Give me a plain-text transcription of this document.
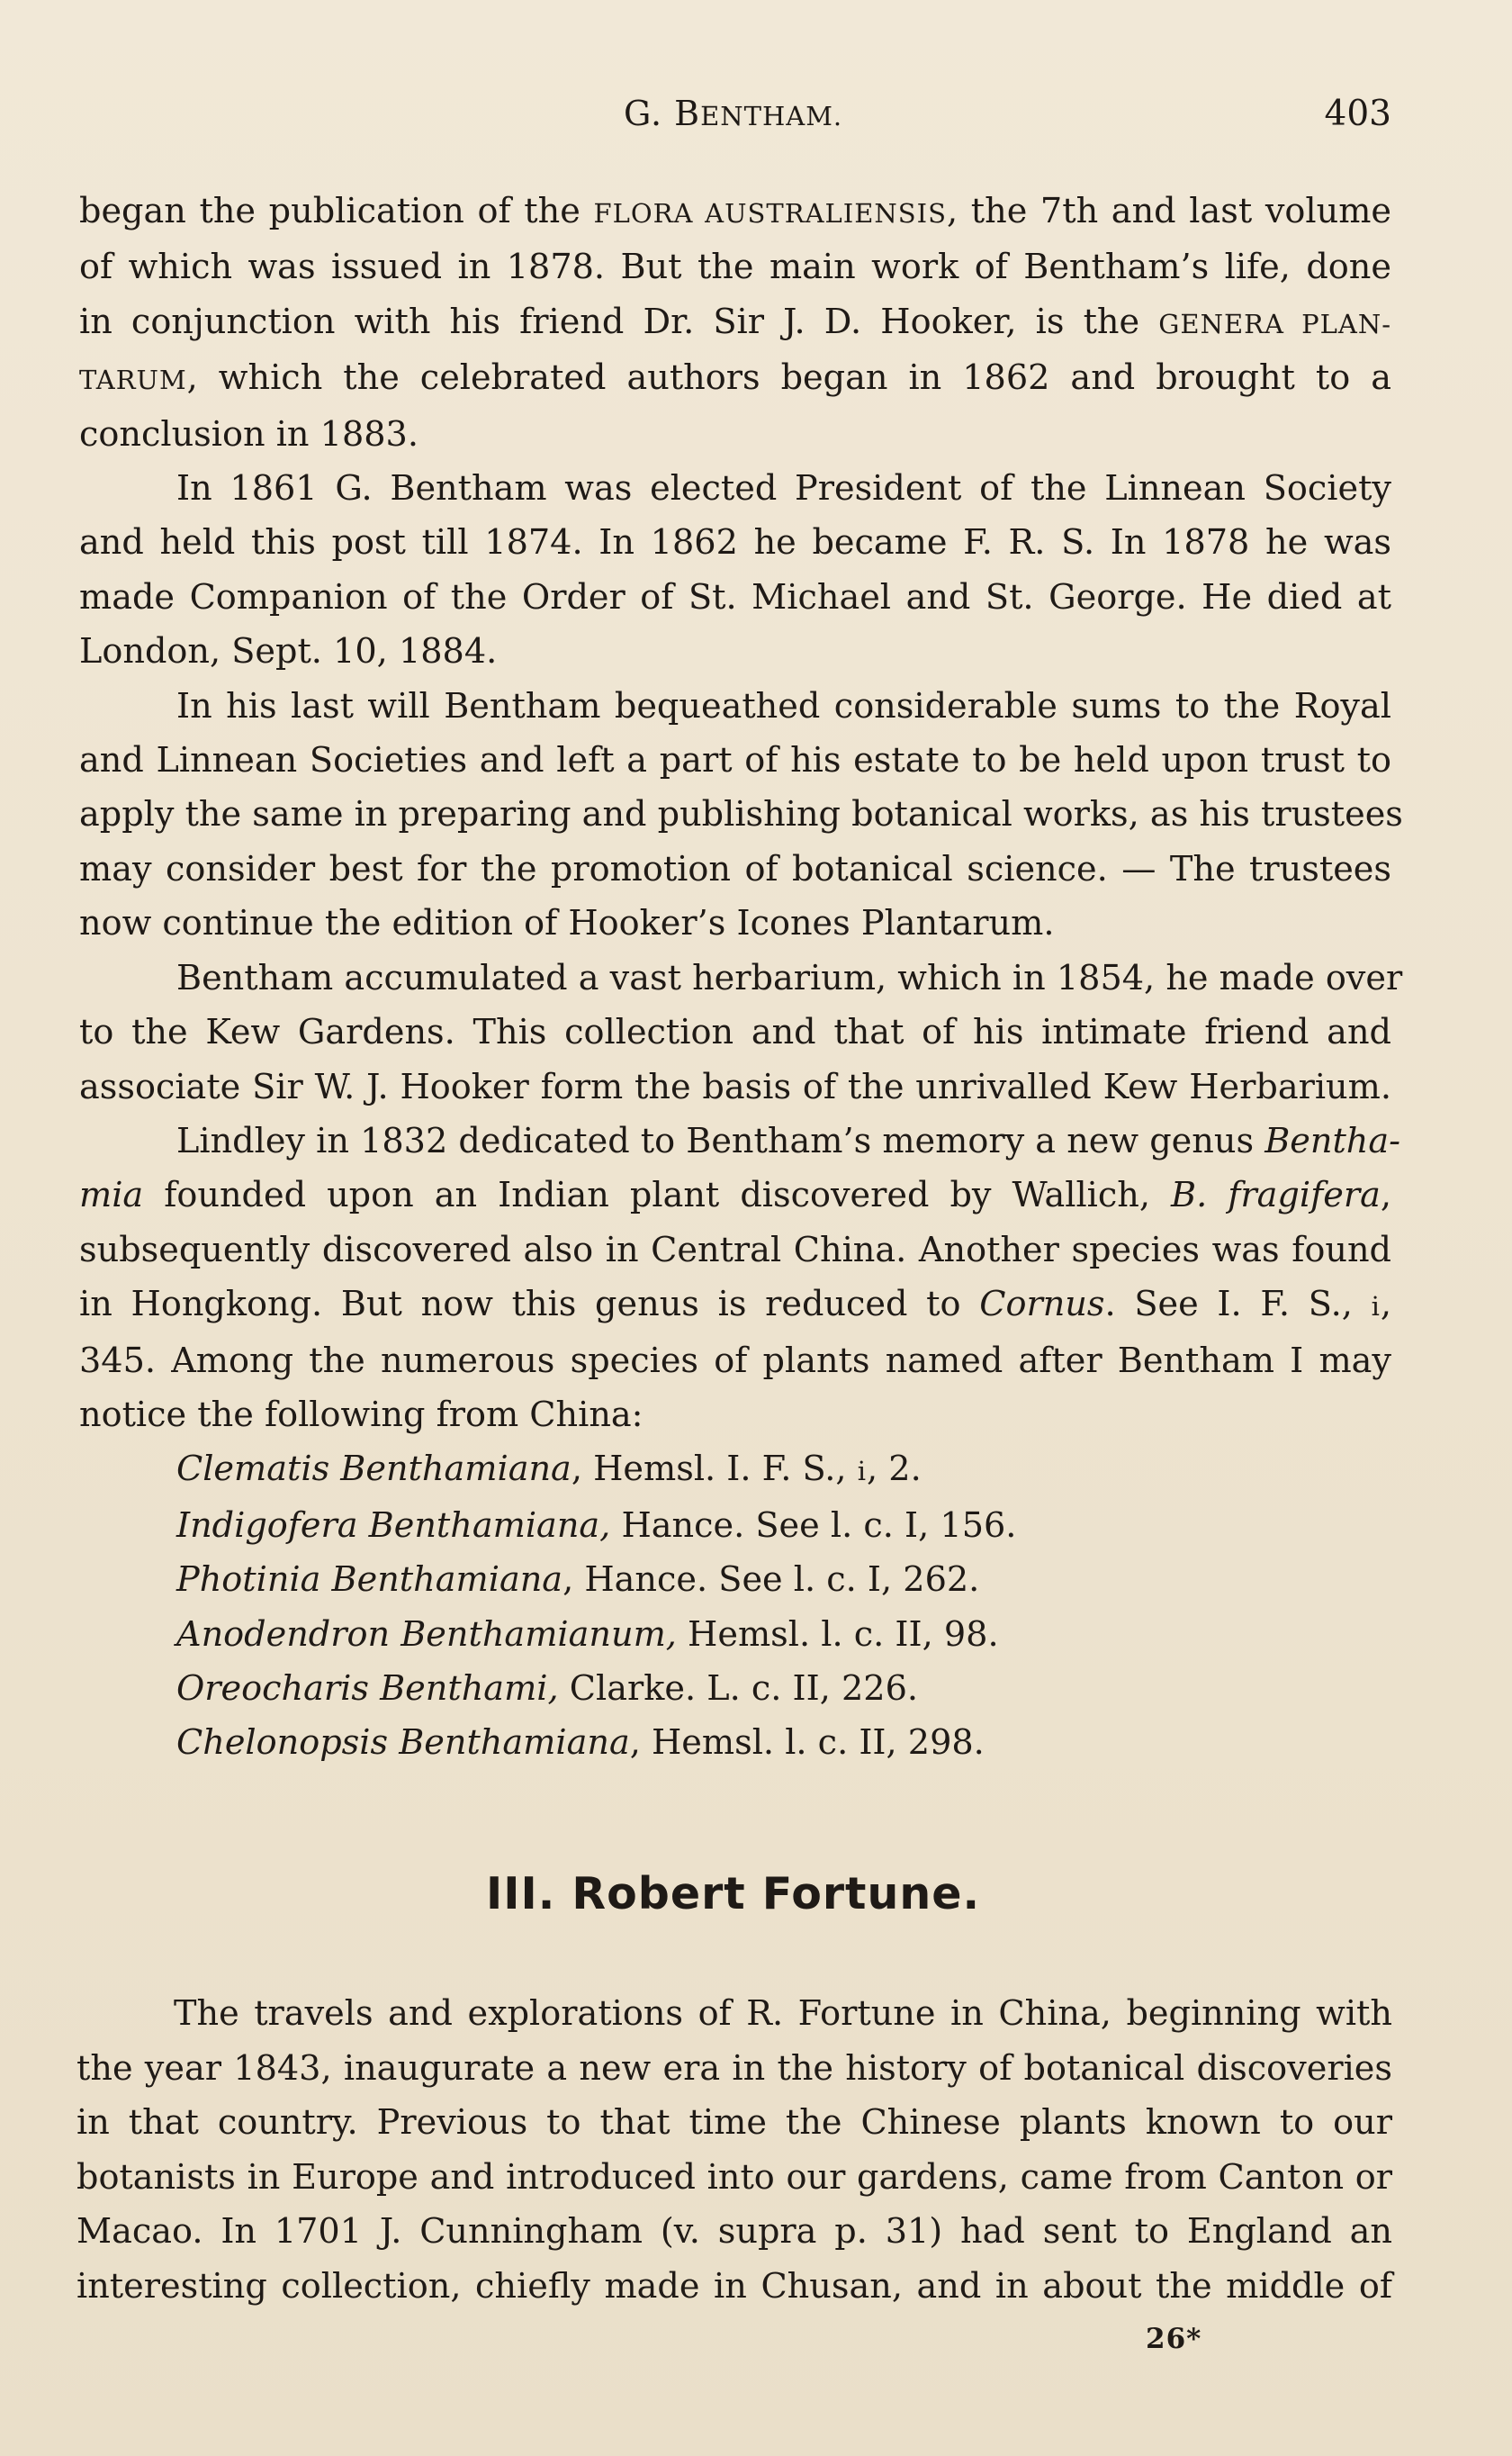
G. BENTHAM.	403
began the publication of the FLORA AUSTRALIENSIS, the 7th and last volume
of which was issued in 1878. But the main work of Bentham’s life, done
in conjunction with his friend Dr. Sir J. D. Hooker, is the GENERA PLAN-
TARUM, which the celebrated authors began in 1862 and brought to a
conclusion in 1883.
In 1861 G. Bentham was elected President of the Linnean Society
and held this post till 1874. In 1862 he became F. R. S. In 1878 he was
made Companion of the Order of St. Michael and St. George. He died at
London, Sept. 10, 1884.
In his last will Bentham bequeathed considerable sums to the Royal
and Linnean Societies and left a part of his estate to be held upon trust to
apply the same in preparing and publishing botanical works, as his trustees
may consider best for the promotion of botanical science. — The trustees
now continue the edition of Hooker’s Icones Plantarum.
Bentham accumulated a vast herbarium, which in 1854, he made over
to the Kew Gardens. This collection and that of his intimate friend and
associate Sir W. J. Hooker form the basis of the unrivalled Kew Herbarium.
Lindley in 1832 dedicated to Bentham’s memory a new genus Bentha-
mia founded upon an Indian plant discovered by Wallich, B. fragifera,
subsequently discovered also in Central China. Another species was found
in Hongkong. But now this genus is reduced to Cornus. See I. F. S., i,
345. Among the numerous species of plants named after Bentham I may
notice the following from China:
Clematis Benthamiana, Hemsl. I. F. S., i, 2.
Indigofera Benthamiana, Hance. See l. c. I, 156.
Photinia Benthamiana, Hance. See l. c. I, 262.
Anodendron Benthamianum, Hemsl. l. c. II, 98.
Oreocharis Benthami, Clarke. L. c. II, 226.
Chelonopsis Benthamiana, Hemsl. l. c. II, 298.
III. Robert Fortune.
The travels and explorations of R. Fortune in China, beginning with
the year 1843, inaugurate a new era in the history of botanical discoveries
in that country. Previous to that time the Chinese plants known to our
botanists in Europe and introduced into our gardens, came from Canton or
Macao. In 1701 J. Cunningham (v. supra p. 31) had sent to England an
interesting collection, chiefly made in Chusan, and in about the middle of
26*
